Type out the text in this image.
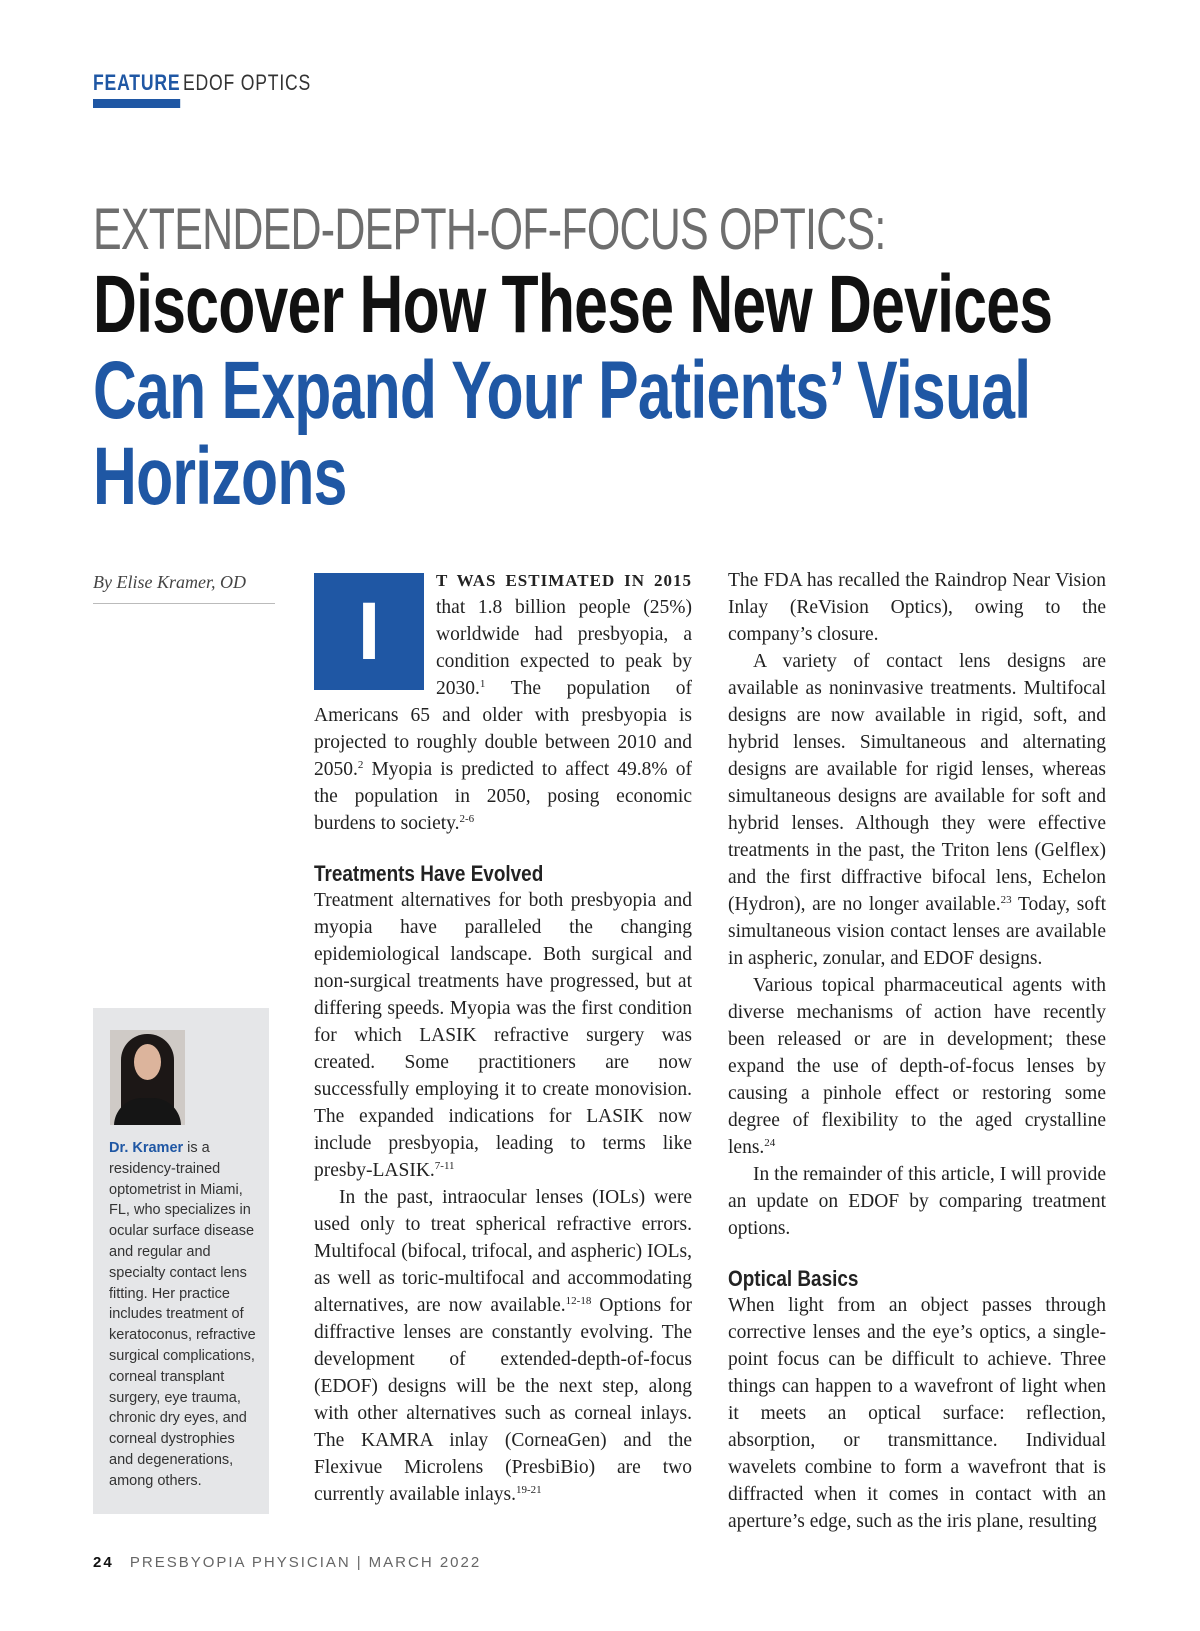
FEATURE EDOF OPTICS
EXTENDED-DEPTH-OF-FOCUS OPTICS:
Discover How These New Devices
Can Expand Your Patients’ Visual
Horizons
By Elise Kramer, OD
Dr. Kramer is a residency-trained optometrist in Miami, FL, who specializes in ocular surface disease and regular and specialty contact lens fitting. Her practice includes treatment of keratoconus, refractive surgical complications, corneal transplant surgery, eye trauma, chronic dry eyes, and corneal dystrophies and degenerations, among others.
I

T WAS ESTIMATED IN 2015 that 1.8 billion people (25%) worldwide had presbyopia, a condition expected to peak by 2030.$^1$ The population of Americans 65 and older with presbyopia is projected to roughly double between 2010 and 2050.$^2$ Myopia is predicted to affect 49.8% of the population in 2050, posing economic burdens to society.$^{2-6}$

Treatments Have Evolved

Treatment alternatives for both presbyopia and myopia have paralleled the changing epidemiological landscape. Both surgical and non-surgical treatments have progressed, but at differing speeds. Myopia was the first condition for which LASIK refractive surgery was created. Some practitioners are now successfully employing it to create monovision. The expanded indications for LASIK now include presbyopia, leading to terms like presby-LASIK.$^{7-11}$

In the past, intraocular lenses (IOLs) were used only to treat spherical refractive errors. Multifocal (bifocal, trifocal, and aspheric) IOLs, as well as toric-multifocal and accommodating alternatives, are now available.$^{12-18}$ Options for diffractive lenses are constantly evolving. The development of extended-depth-of-focus (EDOF) designs will be the next step, along with other alternatives such as corneal inlays. The KAMRA inlay (CorneaGen) and the Flexivue Microlens (PresbiBio) are two currently available inlays.$^{19-21}$

The FDA has recalled the Raindrop Near Vision Inlay (ReVision Optics), owing to the company’s closure.

A variety of contact lens designs are available as noninvasive treatments. Multifocal designs are now available in rigid, soft, and hybrid lenses. Simultaneous and alternating designs are available for rigid lenses, whereas simultaneous designs are available for soft and hybrid lenses. Although they were effective treatments in the past, the Triton lens (Gelflex) and the first diffractive bifocal lens, Echelon (Hydron), are no longer available.$^{23}$ Today, soft simultaneous vision contact lenses are available in aspheric, zonular, and EDOF designs.

Various topical pharmaceutical agents with diverse mechanisms of action have recently been released or are in development; these expand the use of depth-of-focus lenses by causing a pinhole effect or restoring some degree of flexibility to the aged crystalline lens.$^{24}$

In the remainder of this article, I will provide an update on EDOF by comparing treatment options.

Optical Basics

When light from an object passes through corrective lenses and the eye’s optics, a single-point focus can be difficult to achieve. Three things can happen to a wavefront of light when it meets an optical surface: reflection, absorption, or transmittance. Individual wavelets combine to form a wavefront that is diffracted when it comes in contact with an aperture’s edge, such as the iris plane, resulting

24 PRESBYOPIA PHYSICIAN | MARCH 2022
